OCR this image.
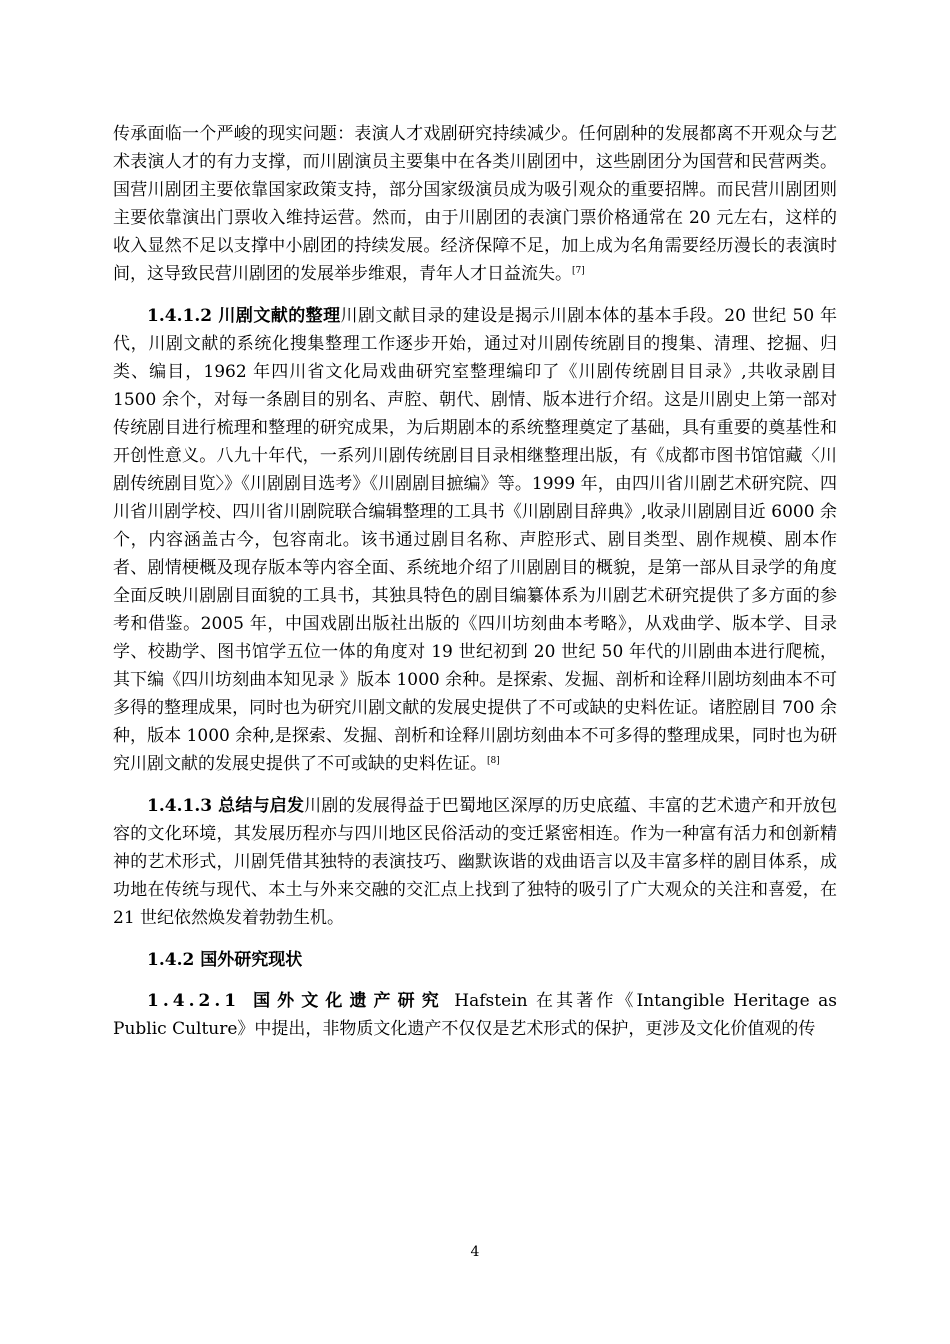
传承面临一个严峻的现实问题：表演人才戏剧研究持续减少。任何剧种的发展都离不开观众与艺术表演人才的有力支撑，而川剧演员主要集中在各类川剧团中，这些剧团分为国营和民营两类。国营川剧团主要依靠国家政策支持，部分国家级演员成为吸引观众的重要招牌。而民营川剧团则主要依靠演出门票收入维持运营。然而，由于川剧团的表演门票价格通常在 20 元左右，这样的收入显然不足以支撑中小剧团的持续发展。经济保障不足，加上成为名角需要经历漫长的表演时间，这导致民营川剧团的发展举步维艰，青年人才日益流失。[7]

1.4.1.2 川剧文献的整理川剧文献目录的建设是揭示川剧本体的基本手段。20 世纪 50 年代，川剧文献的系统化搜集整理工作逐步开始，通过对川剧传统剧目的搜集、清理、挖掘、归类、编目，1962 年四川省文化局戏曲研究室整理编印了《川剧传统剧目目录》,共收录剧目 1500 余个，对每一条剧目的别名、声腔、朝代、剧情、版本进行介绍。这是川剧史上第一部对传统剧目进行梳理和整理的研究成果，为后期剧本的系统整理奠定了基础，具有重要的奠基性和开创性意义。八九十年代，一系列川剧传统剧目目录相继整理出版，有《成都市图书馆馆藏〈川剧传统剧目览〉》《川剧剧目选考》《川剧剧目摭编》等。1999 年，由四川省川剧艺术研究院、四川省川剧学校、四川省川剧院联合编辑整理的工具书《川剧剧目辞典》,收录川剧剧目近 6000 余个，内容涵盖古今，包容南北。该书通过剧目名称、声腔形式、剧目类型、剧作规模、剧本作者、剧情梗概及现存版本等内容全面、系统地介绍了川剧剧目的概貌，是第一部从目录学的角度全面反映川剧剧目面貌的工具书，其独具特色的剧目编纂体系为川剧艺术研究提供了多方面的参考和借鉴。2005 年，中国戏剧出版社出版的《四川坊刻曲本考略》，从戏曲学、版本学、目录学、校勘学、图书馆学五位一体的角度对 19 世纪初到 20 世纪 50 年代的川剧曲本进行爬梳，其下编《四川坊刻曲本知见录 》版本 1000 余种。是探索、发掘、剖析和诠释川剧坊刻曲本不可多得的整理成果，同时也为研究川剧文献的发展史提供了不可或缺的史料佐证。诸腔剧目 700 余种，版本 1000 余种,是探索、发掘、剖析和诠释川剧坊刻曲本不可多得的整理成果，同时也为研究川剧文献的发展史提供了不可或缺的史料佐证。[8]

1.4.1.3 总结与启发川剧的发展得益于巴蜀地区深厚的历史底蕴、丰富的艺术遗产和开放包容的文化环境，其发展历程亦与四川地区民俗活动的变迁紧密相连。作为一种富有活力和创新精神的艺术形式，川剧凭借其独特的表演技巧、幽默诙谐的戏曲语言以及丰富多样的剧目体系，成功地在传统与现代、本土与外来交融的交汇点上找到了独特的吸引了广大观众的关注和喜爱，在 21 世纪依然焕发着勃勃生机。

1.4.2 国外研究现状

1.4.2.1 国外文化遗产研究 Hafstein 在其著作《Intangible Heritage as Public Culture》中提出，非物质文化遗产不仅仅是艺术形式的保护，更涉及文化价值观的传

4
